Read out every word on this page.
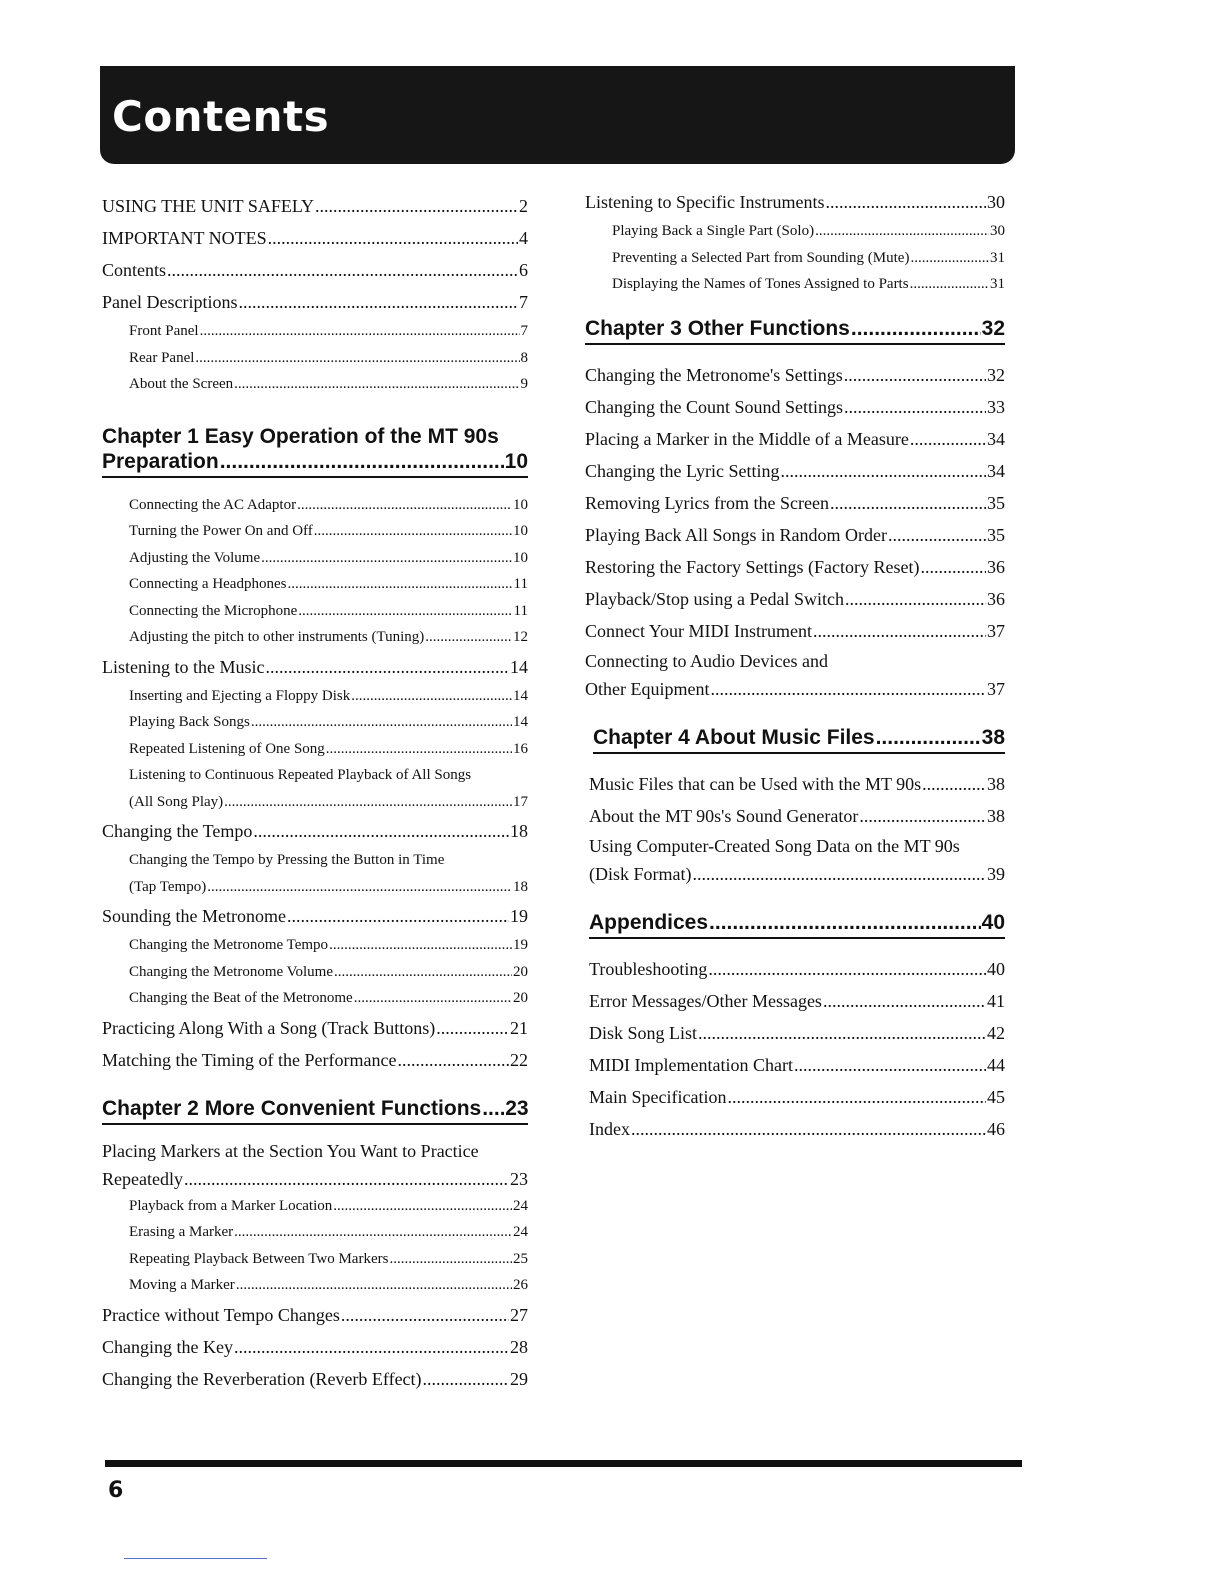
Contents
USING THE UNIT SAFELY .....	2
IMPORTANT NOTES .....	4
Contents .....	6
Panel Descriptions .....	7
Front Panel .....	7
Rear Panel .....	8
About the Screen .....	9
Chapter 1 Easy Operation of the MT 90s
Preparation .....	10
Connecting the AC Adaptor .....	10
Turning the Power On and Off .....	10
Adjusting the Volume .....	10
Connecting a Headphones .....	11
Connecting the Microphone .....	11
Adjusting the pitch to other instruments (Tuning) .....	12
Listening to the Music .....	14
Inserting and Ejecting a Floppy Disk .....	14
Playing Back Songs .....	14
Repeated Listening of One Song .....	16
Listening to Continuous Repeated Playback of All Songs
(All Song Play) .....	17
Changing the Tempo .....	18
Changing the Tempo by Pressing the Button in Time
(Tap Tempo) .....	18
Sounding the Metronome .....	19
Changing the Metronome Tempo .....	19
Changing the Metronome Volume .....	20
Changing the Beat of the Metronome .....	20
Practicing Along With a Song (Track Buttons) .....	21
Matching the Timing of the Performance .....	22
Chapter 2 More Convenient Functions ..... 23
Placing Markers at the Section You Want to Practice
Repeatedly .....	23
Playback from a Marker Location .....	24
Erasing a Marker .....	24
Repeating Playback Between Two Markers .....	25
Moving a Marker .....	26
Practice without Tempo Changes .....	27
Changing the Key .....	28
Changing the Reverberation (Reverb Effect) .....	29
Listening to Specific Instruments .....	30
Playing Back a Single Part (Solo) .....	30
Preventing a Selected Part from Sounding (Mute) .....	31
Displaying the Names of Tones Assigned to Parts .....	31
Chapter 3 Other Functions .....	32
Changing the Metronome's Settings .....	32
Changing the Count Sound Settings .....	33
Placing a Marker in the Middle of a Measure .....	34
Changing the Lyric Setting .....	34
Removing Lyrics from the Screen .....	35
Playing Back All Songs in Random Order .....	35
Restoring the Factory Settings (Factory Reset) .....	36
Playback/Stop using a Pedal Switch .....	36
Connect Your MIDI Instrument .....	37
Connecting to Audio Devices and
Other Equipment .....	37
Chapter 4 About Music Files .....	38
Music Files that can be Used with the MT 90s .....	38
About the MT 90s's Sound Generator .....	38
Using Computer-Created Song Data on the MT 90s
(Disk Format) .....	39
Appendices .....	40
Troubleshooting .....	40
Error Messages/Other Messages .....	41
Disk Song List .....	42
MIDI Implementation Chart .....	44
Main Specification .....	45
Index .....	46
6
